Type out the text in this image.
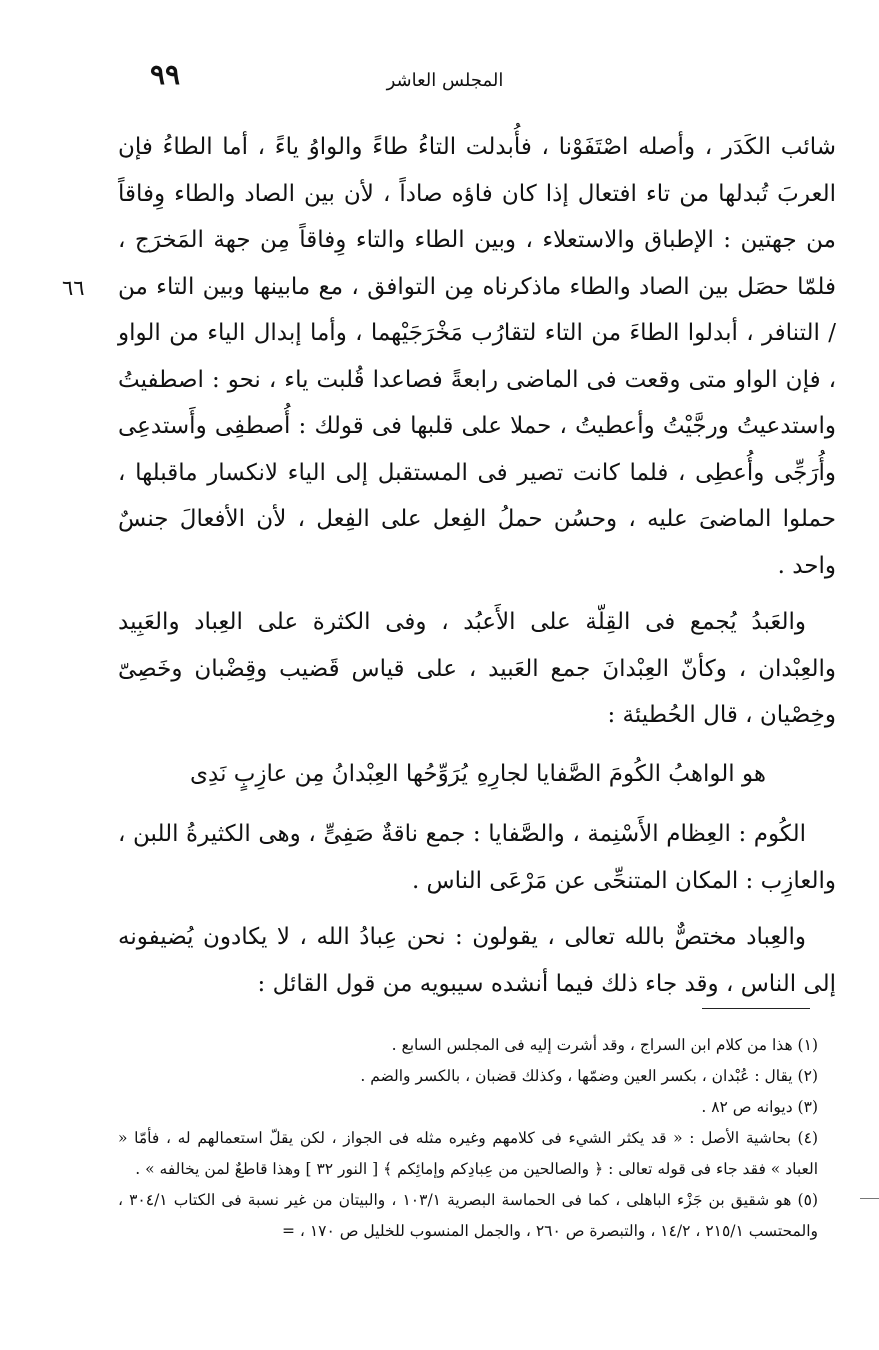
٩٩	المجلس العاشر
٦٦

شائب الكَدَر ، وأصله اصْتَفَوْنا ، فأُبدلت التاءُ طاءً والواوُ ياءً ، أما الطاءُ فإن العربَ تُبدلها من تاء افتعال إذا كان فاؤه صاداً ، لأن بين الصاد والطاء وِفاقاً من جهتين : الإطباق والاستعلاء ، وبين الطاء والتاء وِفاقاً مِن جهة المَخرَج ، فلمّا حصَل بين الصاد والطاء ماذكرناه مِن التوافق ، مع مابينها وبين التاء من / التنافر ، أبدلوا الطاءَ من التاء لتقارُب مَخْرَجَيْهما ، وأما إبدال الياء من الواو ، فإن الواو متى وقعت فى الماضى رابعةً فصاعدا قُلبت ياء ، نحو : اصطفيتُ واستدعيتُ ورجَّيْتُ وأعطيتُ ، حملا على قلبها فى قولك : أُصطفِى وأَستدعِى وأُرَجِّى وأُعطِى ، فلما كانت تصير فى المستقبل إلى الياء لانكسار ماقبلها ، حملوا الماضىَ عليه ، وحسُن حملُ الفِعل على الفِعل ، لأن الأفعالَ جنسٌ واحد .

والعَبدُ يُجمع فى القِلّة على الأَعبُد ، وفى الكثرة على العِباد والعَبِيد والعِبْدان ، وكأنّ العِبْدانَ جمع العَبيد ، على قياس قَضيب وقِضْبان وخَصِىّ وخِصْيان ، قال الحُطيئة :

هو الواهبُ الكُومَ الصَّفايا لجارِهِ
يُرَوِّحُها العِبْدانُ مِن عازِبٍ نَدِى

الكُوم : العِظام الأَسْنِمة ، والصَّفايا : جمع ناقةٌ صَفِىٍّ ، وهى الكثيرةُ اللبن ، والعازِب : المكان المتنحِّى عن مَرْعَى الناس .

والعِباد مختصٌّ بالله تعالى ، يقولون : نحن عِبادُ الله ، لا يكادون يُضيفونه إلى الناس ، وقد جاء ذلك فيما أنشده سيبويه من قول القائل :

(١) هذا من كلام ابن السراج ، وقد أشرت إليه فى المجلس السابع .

(٢) يقال : عُبْدان ، بكسر العين وضمّها ، وكذلك قضبان ، بالكسر والضم .

(٣) ديوانه ص ٨٢ .

(٤) بحاشية الأصل : « قد يكثر الشيء فى كلامهم وغيره مثله فى الجواز ، لكن يقلّ استعمالهم له ، فأمّا « العباد » فقد جاء فى قوله تعالى : ﴿ والصالحين من عِبادِكم وإمائِكم ﴾ [ النور ٣٢ ] وهذا قاطعٌ لمن يخالفه » .

(٥) هو شقيق بن جَزْء الباهلى ، كما فى الحماسة البصرية ١٠٣/١ ، والبيتان من غير نسبة فى الكتاب ٣٠٤/١ ، والمحتسب ٢١٥/١ ، ١٤/٢ ، والتبصرة ص ٢٦٠ ، والجمل المنسوب للخليل ص ١٧٠ ، =
